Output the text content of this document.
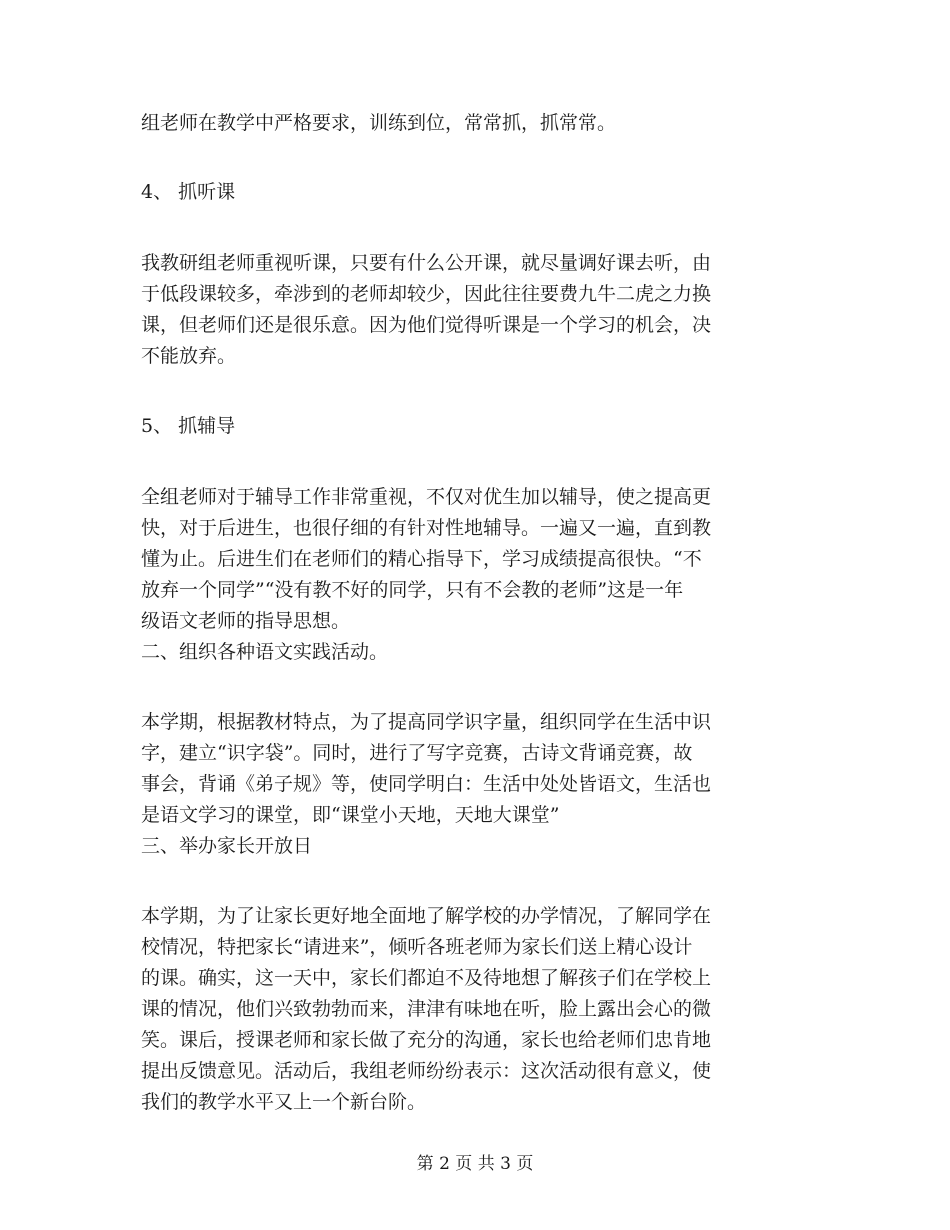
组老师在教学中严格要求，训练到位，常常抓，抓常常。
4、 抓听课
我教研组老师重视听课，只要有什么公开课，就尽量调好课去听，由
于低段课较多，牵涉到的老师却较少，因此往往要费九牛二虎之力换
课，但老师们还是很乐意。因为他们觉得听课是一个学习的机会，决
不能放弃。
5、 抓辅导
全组老师对于辅导工作非常重视，不仅对优生加以辅导，使之提高更
快，对于后进生，也很仔细的有针对性地辅导。一遍又一遍，直到教
懂为止。后进生们在老师们的精心指导下，学习成绩提高很快。“不
放弃一个同学”“没有教不好的同学，只有不会教的老师”这是一年
级语文老师的指导思想。
二、组织各种语文实践活动。
本学期，根据教材特点，为了提高同学识字量，组织同学在生活中识
字，建立“识字袋”。同时，进行了写字竞赛，古诗文背诵竞赛，故
事会，背诵《弟子规》等，使同学明白：生活中处处皆语文，生活也
是语文学习的课堂，即“课堂小天地，天地大课堂”
三、举办家长开放日
本学期，为了让家长更好地全面地了解学校的办学情况，了解同学在
校情况，特把家长“请进来”，倾听各班老师为家长们送上精心设计
的课。确实，这一天中，家长们都迫不及待地想了解孩子们在学校上
课的情况，他们兴致勃勃而来，津津有味地在听，脸上露出会心的微
笑。课后，授课老师和家长做了充分的沟通，家长也给老师们忠肯地
提出反馈意见。活动后，我组老师纷纷表示：这次活动很有意义，使
我们的教学水平又上一个新台阶。
第 2 页 共 3 页
